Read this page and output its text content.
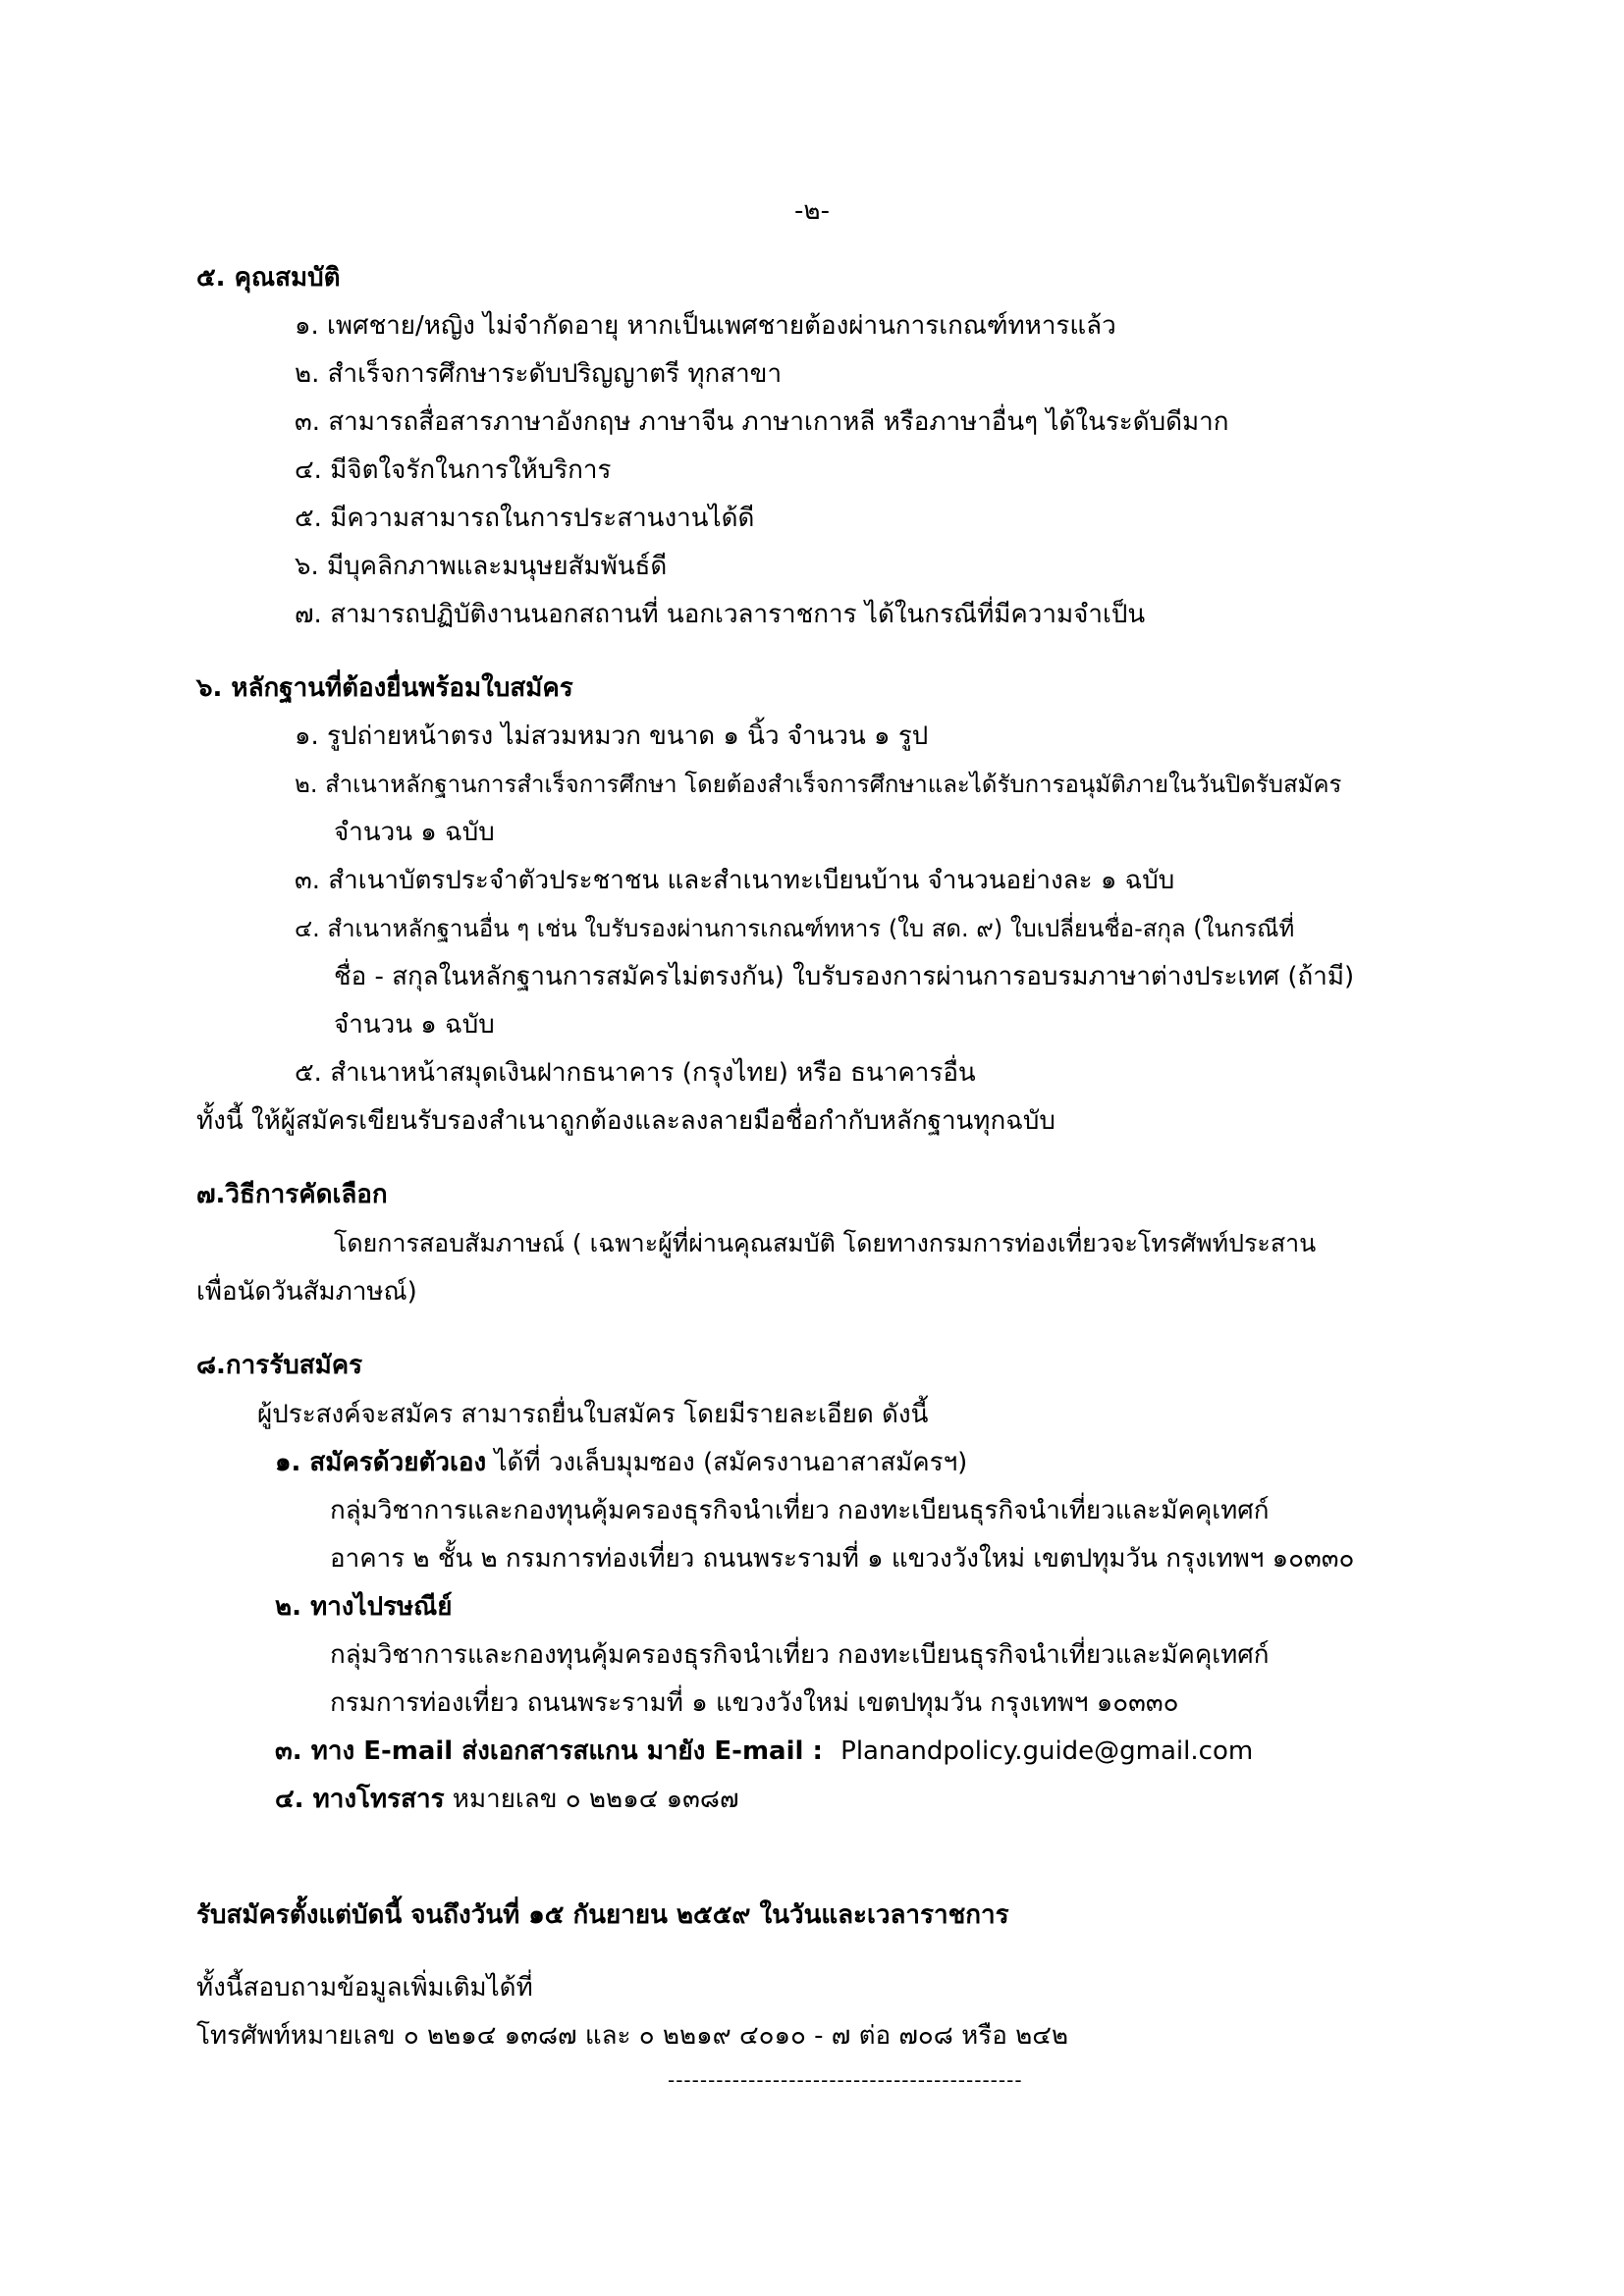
-๒-
๕. คุณสมบัติ
๑. เพศชาย/หญิง ไม่จำกัดอายุ หากเป็นเพศชายต้องผ่านการเกณฑ์ทหารแล้ว
๒. สำเร็จการศึกษาระดับปริญญาตรี ทุกสาขา
๓. สามารถสื่อสารภาษาอังกฤษ ภาษาจีน ภาษาเกาหลี หรือภาษาอื่นๆ ได้ในระดับดีมาก
๔. มีจิตใจรักในการให้บริการ
๕. มีความสามารถในการประสานงานได้ดี
๖. มีบุคลิกภาพและมนุษยสัมพันธ์ดี
๗. สามารถปฏิบัติงานนอกสถานที่ นอกเวลาราชการ ได้ในกรณีที่มีความจำเป็น
๖. หลักฐานที่ต้องยื่นพร้อมใบสมัคร
๑. รูปถ่ายหน้าตรง ไม่สวมหมวก ขนาด ๑ นิ้ว จำนวน ๑ รูป
๒. สำเนาหลักฐานการสำเร็จการศึกษา โดยต้องสำเร็จการศึกษาและได้รับการอนุมัติภายในวันปิดรับสมัคร
จำนวน ๑ ฉบับ
๓. สำเนาบัตรประจำตัวประชาชน และสำเนาทะเบียนบ้าน จำนวนอย่างละ ๑ ฉบับ
๔. สำเนาหลักฐานอื่น ๆ เช่น ใบรับรองผ่านการเกณฑ์ทหาร (ใบ สด. ๙) ใบเปลี่ยนชื่อ-สกุล (ในกรณีที่
ชื่อ - สกุลในหลักฐานการสมัครไม่ตรงกัน) ใบรับรองการผ่านการอบรมภาษาต่างประเทศ (ถ้ามี)
จำนวน ๑ ฉบับ
๕. สำเนาหน้าสมุดเงินฝากธนาคาร (กรุงไทย) หรือ ธนาคารอื่น
ทั้งนี้ ให้ผู้สมัครเขียนรับรองสำเนาถูกต้องและลงลายมือชื่อกำกับหลักฐานทุกฉบับ
๗.วิธีการคัดเลือก
โดยการสอบสัมภาษณ์ ( เฉพาะผู้ที่ผ่านคุณสมบัติ โดยทางกรมการท่องเที่ยวจะโทรศัพท์ประสาน
เพื่อนัดวันสัมภาษณ์)
๘.การรับสมัคร
ผู้ประสงค์จะสมัคร สามารถยื่นใบสมัคร โดยมีรายละเอียด ดังนี้
๑. สมัครด้วยตัวเอง ได้ที่ วงเล็บมุมซอง (สมัครงานอาสาสมัครฯ)
กลุ่มวิชาการและกองทุนคุ้มครองธุรกิจนำเที่ยว กองทะเบียนธุรกิจนำเที่ยวและมัคคุเทศก์
อาคาร ๒ ชั้น ๒ กรมการท่องเที่ยว ถนนพระรามที่ ๑ แขวงวังใหม่ เขตปทุมวัน กรุงเทพฯ ๑๐๓๓๐
๒. ทางไปรษณีย์
กลุ่มวิชาการและกองทุนคุ้มครองธุรกิจนำเที่ยว กองทะเบียนธุรกิจนำเที่ยวและมัคคุเทศก์
กรมการท่องเที่ยว ถนนพระรามที่ ๑ แขวงวังใหม่ เขตปทุมวัน กรุงเทพฯ ๑๐๓๓๐
๓. ทาง E-mail ส่งเอกสารสแกน มายัง E-mail : Planandpolicy.guide@gmail.com
๔. ทางโทรสาร หมายเลข ๐ ๒๒๑๔ ๑๓๘๗
รับสมัครตั้งแต่บัดนี้ จนถึงวันที่ ๑๕ กันยายน ๒๕๕๙ ในวันและเวลาราชการ
ทั้งนี้สอบถามข้อมูลเพิ่มเติมได้ที่
โทรศัพท์หมายเลข ๐ ๒๒๑๔ ๑๓๘๗ และ ๐ ๒๒๑๙ ๔๐๑๐ - ๗ ต่อ ๗๐๘ หรือ ๒๔๒
--------------------------------------------
